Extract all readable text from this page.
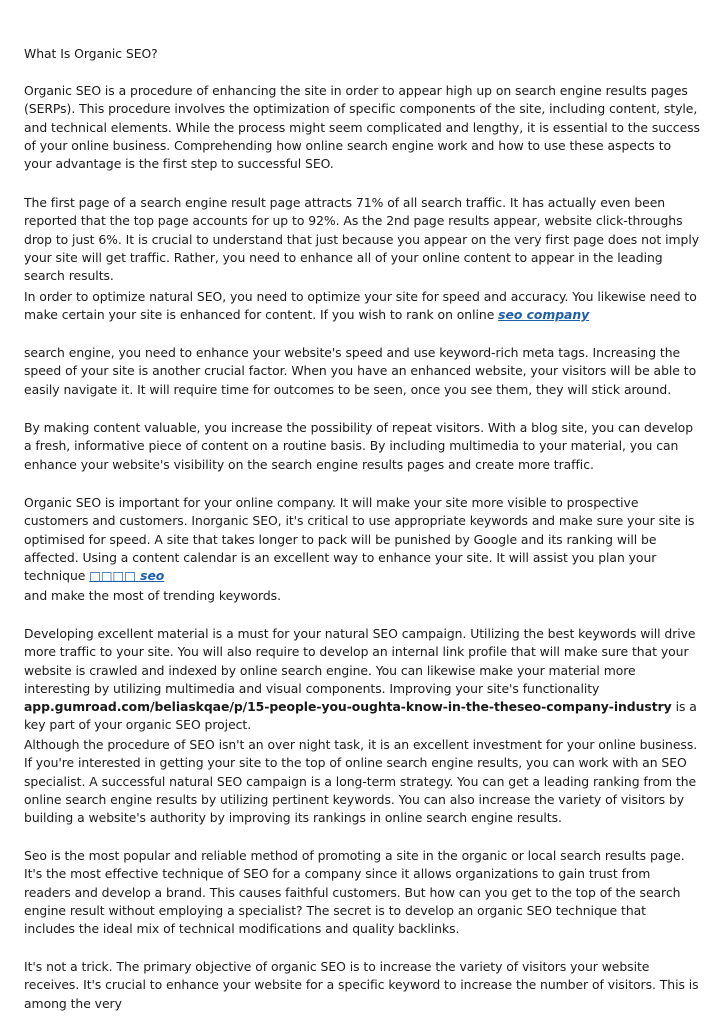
What Is Organic SEO?

Organic SEO is a procedure of enhancing the site in order to appear high up on search engine results pages (SERPs). This procedure involves the optimization of specific components of the site, including content, style, and technical elements. While the process might seem complicated and lengthy, it is essential to the success of your online business. Comprehending how online search engine work and how to use these aspects to your advantage is the first step to successful SEO.

The first page of a search engine result page attracts 71% of all search traffic. It has actually even been reported that the top page accounts for up to 92%. As the 2nd page results appear, website click-throughs drop to just 6%. It is crucial to understand that just because you appear on the very first page does not imply your site will get traffic. Rather, you need to enhance all of your online content to appear in the leading search results.

In order to optimize natural SEO, you need to optimize your site for speed and accuracy. You likewise need to make certain your site is enhanced for content. If you wish to rank on online seo company

search engine, you need to enhance your website's speed and use keyword-rich meta tags. Increasing the speed of your site is another crucial factor. When you have an enhanced website, your visitors will be able to easily navigate it. It will require time for outcomes to be seen, once you see them, they will stick around.

By making content valuable, you increase the possibility of repeat visitors. With a blog site, you can develop a fresh, informative piece of content on a routine basis. By including multimedia to your material, you can enhance your website's visibility on the search engine results pages and create more traffic.

Organic SEO is important for your online company. It will make your site more visible to prospective customers and customers. Inorganic SEO, it's critical to use appropriate keywords and make sure your site is optimised for speed. A site that takes longer to pack will be punished by Google and its ranking will be affected. Using a content calendar is an excellent way to enhance your site. It will assist you plan your technique □□□□ seo

and make the most of trending keywords.

Developing excellent material is a must for your natural SEO campaign. Utilizing the best keywords will drive more traffic to your site. You will also require to develop an internal link profile that will make sure that your website is crawled and indexed by online search engine. You can likewise make your material more interesting by utilizing multimedia and visual components. Improving your site's functionality app.gumroad.com/beliaskqae/p/15-people-you-oughta-know-in-the-theseo-company-industry is a key part of your organic SEO project.

Although the procedure of SEO isn't an over night task, it is an excellent investment for your online business. If you're interested in getting your site to the top of online search engine results, you can work with an SEO specialist. A successful natural SEO campaign is a long-term strategy. You can get a leading ranking from the online search engine results by utilizing pertinent keywords. You can also increase the variety of visitors by building a website's authority by improving its rankings in online search engine results.

Seo is the most popular and reliable method of promoting a site in the organic or local search results page. It's the most effective technique of SEO for a company since it allows organizations to gain trust from readers and develop a brand. This causes faithful customers. But how can you get to the top of the search engine result without employing a specialist? The secret is to develop an organic SEO technique that includes the ideal mix of technical modifications and quality backlinks.

It's not a trick. The primary objective of organic SEO is to increase the variety of visitors your website receives. It's crucial to enhance your website for a specific keyword to increase the number of visitors. This is among the very
